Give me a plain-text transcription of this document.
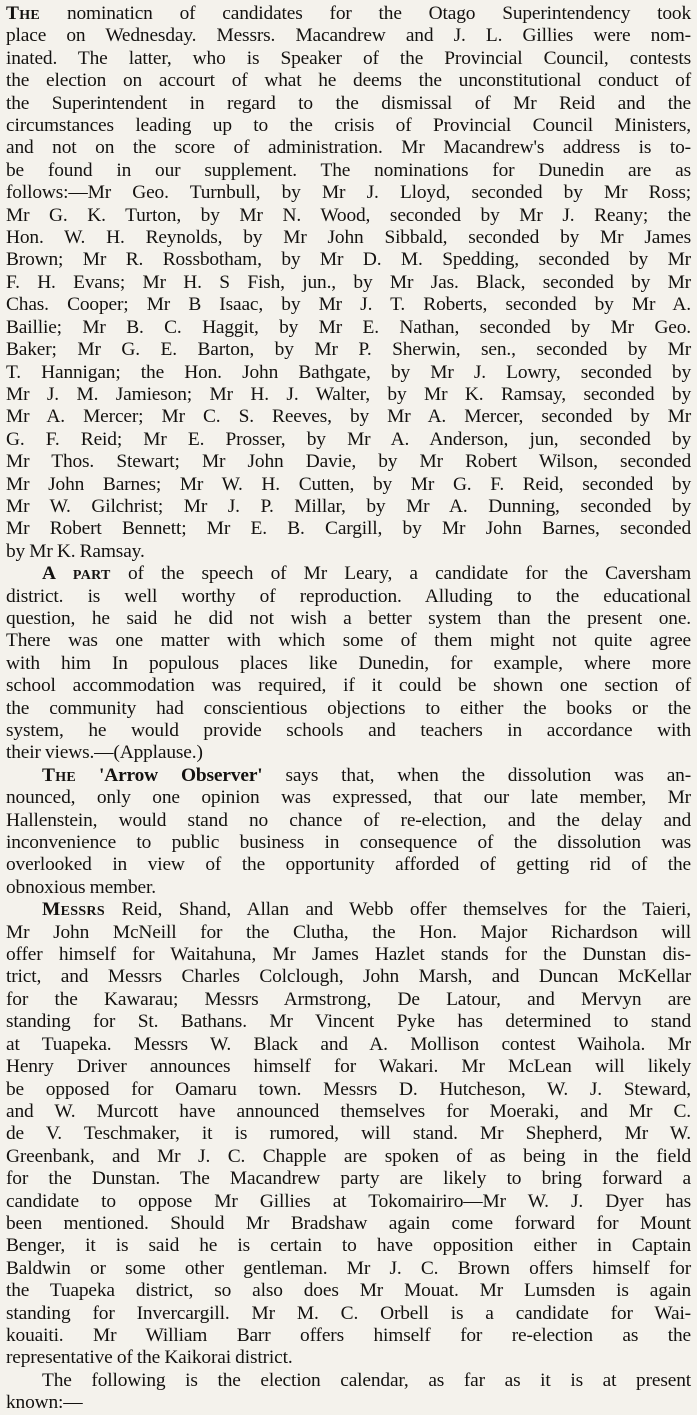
The nominaticn of candidates for the Otago Superintendency took
place on Wednesday. Messrs. Macandrew and J. L. Gillies were nom-
inated. The latter, who is Speaker of the Provincial Council, contests
the election on accourt of what he deems the unconstitutional conduct of
the Superintendent in regard to the dismissal of Mr Reid and the
circumstances leading up to the crisis of Provincial Council Ministers,
and not on the score of administration. Mr Macandrew's address is to-
be found in our supplement. The nominations for Dunedin are as
follows:—Mr Geo. Turnbull, by Mr J. Lloyd, seconded by Mr Ross;
Mr G. K. Turton, by Mr N. Wood, seconded by Mr J. Reany; the
Hon. W. H. Reynolds, by Mr John Sibbald, seconded by Mr James
Brown; Mr R. Rossbotham, by Mr D. M. Spedding, seconded by Mr
F. H. Evans; Mr H. S Fish, jun., by Mr Jas. Black, seconded by Mr
Chas. Cooper; Mr B Isaac, by Mr J. T. Roberts, seconded by Mr A.
Baillie; Mr B. C. Haggit, by Mr E. Nathan, seconded by Mr Geo.
Baker; Mr G. E. Barton, by Mr P. Sherwin, sen., seconded by Mr
T. Hannigan; the Hon. John Bathgate, by Mr J. Lowry, seconded by
Mr J. M. Jamieson; Mr H. J. Walter, by Mr K. Ramsay, seconded by
Mr A. Mercer; Mr C. S. Reeves, by Mr A. Mercer, seconded by Mr
G. F. Reid; Mr E. Prosser, by Mr A. Anderson, jun, seconded by
Mr Thos. Stewart; Mr John Davie, by Mr Robert Wilson, seconded
Mr John Barnes; Mr W. H. Cutten, by Mr G. F. Reid, seconded by
Mr W. Gilchrist; Mr J. P. Millar, by Mr A. Dunning, seconded by
Mr Robert Bennett; Mr E. B. Cargill, by Mr John Barnes, seconded
by Mr K. Ramsay.

A part of the speech of Mr Leary, a candidate for the Caversham
district. is well worthy of reproduction. Alluding to the educational
question, he said he did not wish a better system than the present one.
There was one matter with which some of them might not quite agree
with him In populous places like Dunedin, for example, where more
school accommodation was required, if it could be shown one section of
the community had conscientious objections to either the books or the
system, he would provide schools and teachers in accordance with
their views.—(Applause.)

The 'Arrow Observer' says that, when the dissolution was an-
nounced, only one opinion was expressed, that our late member, Mr
Hallenstein, would stand no chance of re-election, and the delay and
inconvenience to public business in consequence of the dissolution was
overlooked in view of the opportunity afforded of getting rid of the
obnoxious member.

Messrs Reid, Shand, Allan and Webb offer themselves for the Taieri,
Mr John McNeill for the Clutha, the Hon. Major Richardson will
offer himself for Waitahuna, Mr James Hazlet stands for the Dunstan dis-
trict, and Messrs Charles Colclough, John Marsh, and Duncan McKellar
for the Kawarau; Messrs Armstrong, De Latour, and Mervyn are
standing for St. Bathans. Mr Vincent Pyke has determined to stand
at Tuapeka. Messrs W. Black and A. Mollison contest Waihola. Mr
Henry Driver announces himself for Wakari. Mr McLean will likely
be opposed for Oamaru town. Messrs D. Hutcheson, W. J. Steward,
and W. Murcott have announced themselves for Moeraki, and Mr C.
de V. Teschmaker, it is rumored, will stand. Mr Shepherd, Mr W.
Greenbank, and Mr J. C. Chapple are spoken of as being in the field
for the Dunstan. The Macandrew party are likely to bring forward a
candidate to oppose Mr Gillies at Tokomairiro—Mr W. J. Dyer has
been mentioned. Should Mr Bradshaw again come forward for Mount
Benger, it is said he is certain to have opposition either in Captain
Baldwin or some other gentleman. Mr J. C. Brown offers himself for
the Tuapeka district, so also does Mr Mouat. Mr Lumsden is again
standing for Invercargill. Mr M. C. Orbell is a candidate for Wai-
kouaiti. Mr William Barr offers himself for re-election as the
representative of the Kaikorai district.

The following is the election calendar, as far as it is at present
known:—
